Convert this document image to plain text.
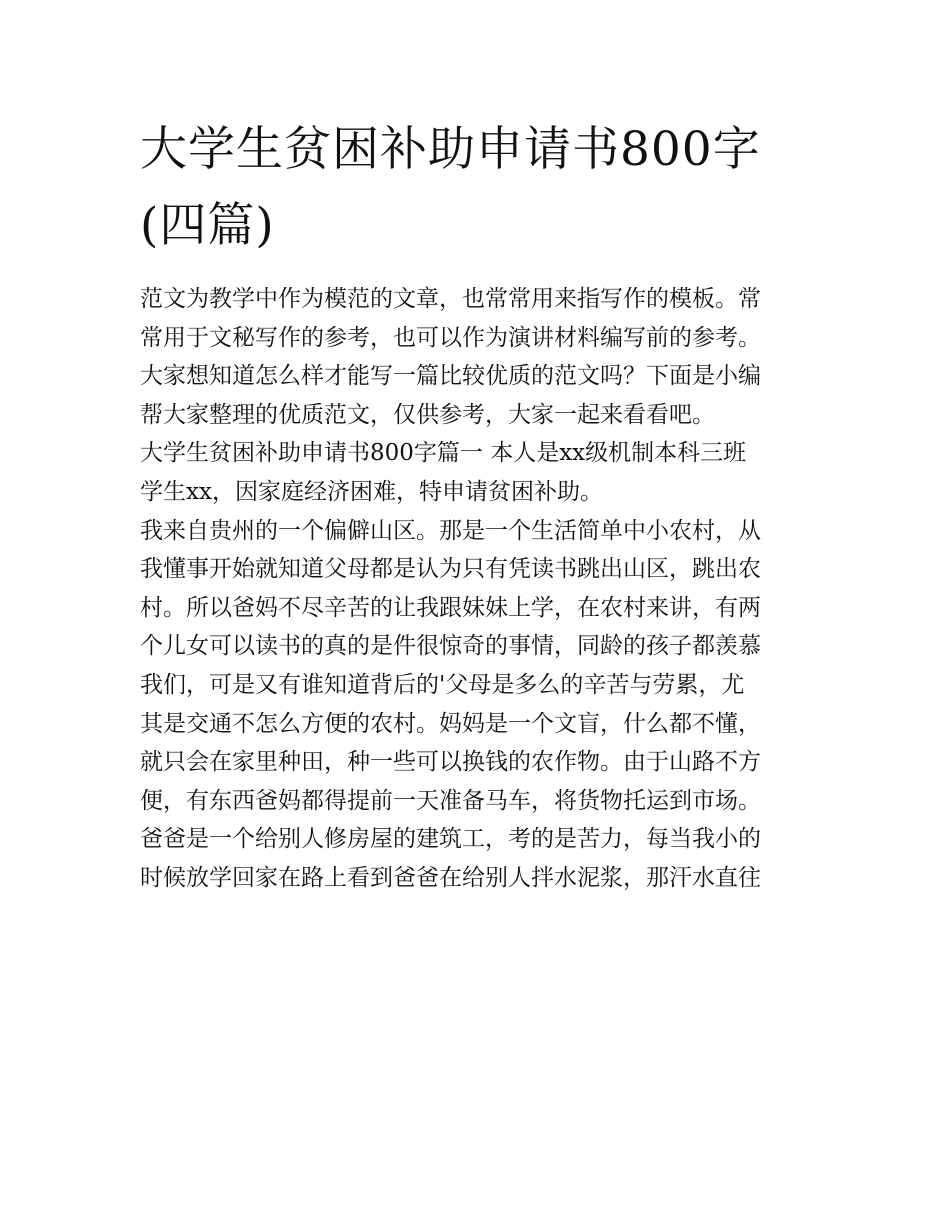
大学生贫困补助申请书800字
(四篇)

范文为教学中作为模范的文章，也常常用来指写作的模板。常
常用于文秘写作的参考，也可以作为演讲材料编写前的参考。
大家想知道怎么样才能写一篇比较优质的范文吗？下面是小编
帮大家整理的优质范文，仅供参考，大家一起来看看吧。

大学生贫困补助申请书800字篇一 本人是xx级机制本科三班
学生xx，因家庭经济困难，特申请贫困补助。

我来自贵州的一个偏僻山区。那是一个生活简单中小农村，从
我懂事开始就知道父母都是认为只有凭读书跳出山区，跳出农
村。所以爸妈不尽辛苦的让我跟妹妹上学，在农村来讲，有两
个儿女可以读书的真的是件很惊奇的事情，同龄的孩子都羡慕
我们，可是又有谁知道背后的'父母是多么的辛苦与劳累，尤
其是交通不怎么方便的农村。妈妈是一个文盲，什么都不懂，
就只会在家里种田，种一些可以换钱的农作物。由于山路不方
便，有东西爸妈都得提前一天准备马车，将货物托运到市场。
爸爸是一个给别人修房屋的建筑工，考的是苦力，每当我小的
时候放学回家在路上看到爸爸在给别人拌水泥浆，那汗水直往
